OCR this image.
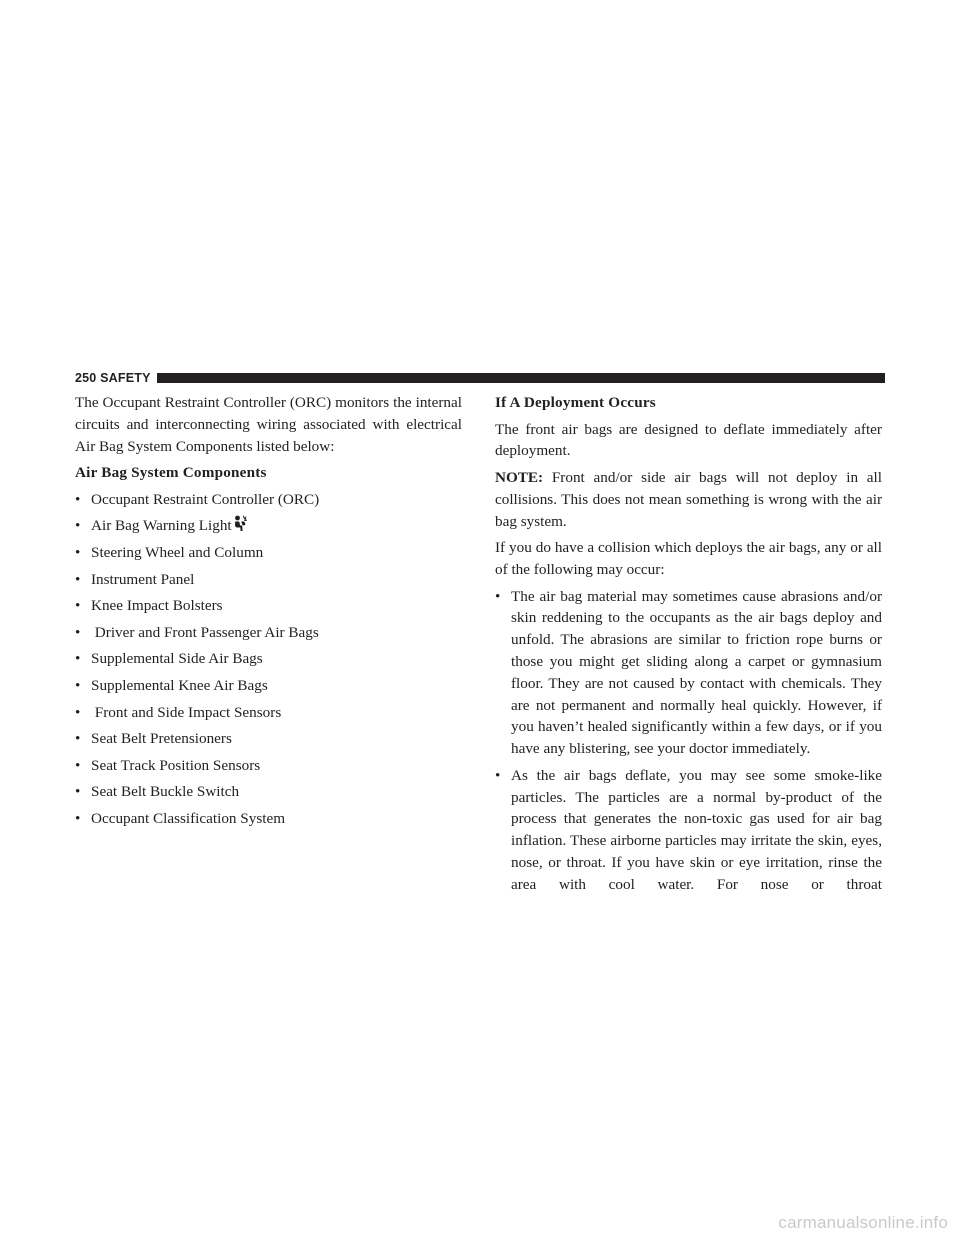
250 SAFETY

The Occupant Restraint Controller (ORC) monitors the internal circuits and interconnecting wiring associated with electrical Air Bag System Components listed below:

Air Bag System Components

• Occupant Restraint Controller (ORC)
• Air Bag Warning Light
• Steering Wheel and Column
• Instrument Panel
• Knee Impact Bolsters
• Driver and Front Passenger Air Bags
• Supplemental Side Air Bags
• Supplemental Knee Air Bags
• Front and Side Impact Sensors
• Seat Belt Pretensioners
• Seat Track Position Sensors
• Seat Belt Buckle Switch
• Occupant Classification System

If A Deployment Occurs

The front air bags are designed to deflate immediately after deployment.

NOTE: Front and/or side air bags will not deploy in all collisions. This does not mean something is wrong with the air bag system.

If you do have a collision which deploys the air bags, any or all of the following may occur:

• The air bag material may sometimes cause abrasions and/or skin reddening to the occupants as the air bags deploy and unfold. The abrasions are similar to friction rope burns or those you might get sliding along a carpet or gymnasium floor. They are not caused by contact with chemicals. They are not permanent and normally heal quickly. However, if you haven’t healed significantly within a few days, or if you have any blistering, see your doctor immediately.
• As the air bags deflate, you may see some smoke-like particles. The particles are a normal by-product of the process that generates the non-toxic gas used for air bag inflation. These airborne particles may irritate the skin, eyes, nose, or throat. If you have skin or eye irritation, rinse the area with cool water. For nose or throat
carmanualsonline.info
